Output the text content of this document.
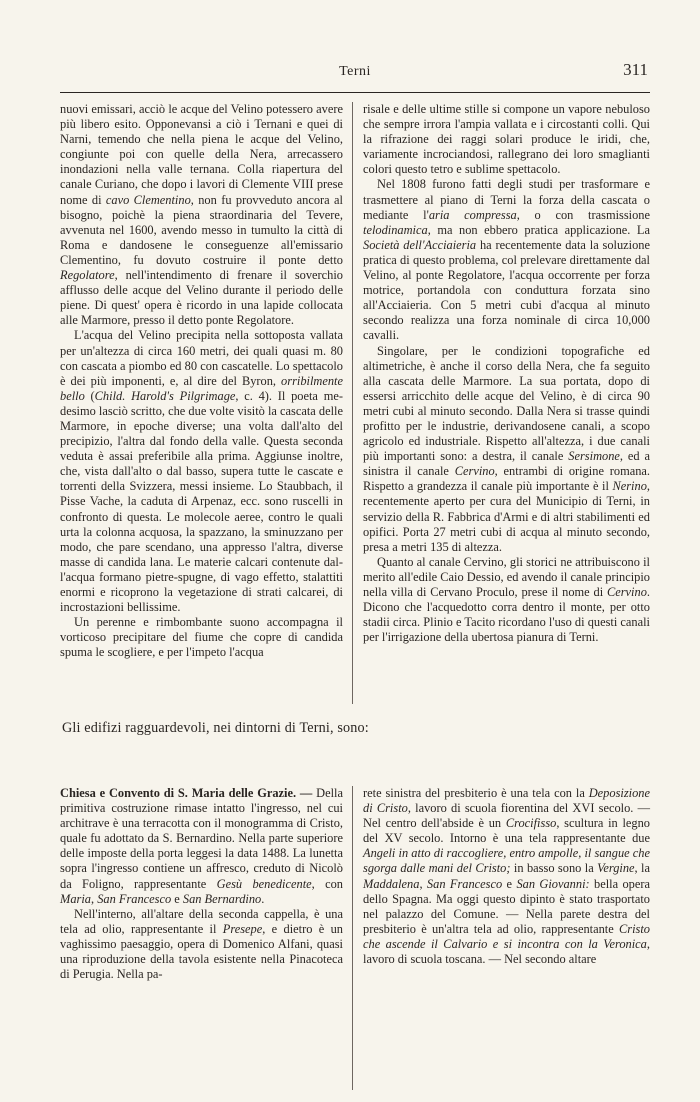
Terni	311

nuovi emissari, acciò le acque del Velino potessero avere più libero esito. Opponevansi a ciò i Ternani e quei di Narni, temendo che nella piena le acque del Velino, congiunte poi con quelle della Nera, arrecassero inondazioni nella valle ternana. Colla riapertura del canale Curiano, che dopo i lavori di Clemente VIII prese nome di cavo Clementino, non fu provveduto ancora al bisogno, poichè la piena straordinaria del Tevere, avvenuta nel 1600, avendo messo in tumulto la città di Roma e dandosene le conseguenze all'emissario Clementino, fu dovuto costruire il ponte detto Regolatore, nell'intendimento di frenare il soverchio afflusso delle acque del Velino durante il periodo delle piene. Di quest' opera è ricordo in una lapide collocata alle Marmore, presso il detto ponte Regolatore.

L'acqua del Velino precipita nella sottoposta vallata per un'altezza di circa 160 metri, dei quali quasi m. 80 con cascata a piombo ed 80 con cascatelle. Lo spettacolo è dei più imponenti, e, al dire del Byron, orribilmente bello (Child. Harold's Pilgrimage, c. 4). Il poeta medesimo lasciò scritto, che due volte visitò la cascata delle Marmore, in epoche diverse; una volta dall'alto del precipizio, l'altra dal fondo della valle. Questa seconda veduta è assai preferibile alla prima. Aggiunse inoltre, che, vista dall'alto o dal basso, supera tutte le cascate e torrenti della Svizzera, messi insieme. Lo Staubbach, il Pisse Vache, la caduta di Arpenaz, ecc. sono ruscelli in confronto di questa. Le molecole aeree, contro le quali urta la colonna acquosa, la spazzano, la sminuzzano per modo, che pare scendano, una appresso l'altra, diverse masse di candida lana. Le materie calcari contenute dall'acqua formano pietre-spugne, di vago effetto, stalattiti enormi e ricoprono la vegetazione di strati calcarei, di incrostazioni bellissime.

Un perenne e rimbombante suono accompagna il vorticoso precipitare del fiume che copre di candida spuma le scogliere, e per l'impeto l'acqua

risale e delle ultime stille si compone un vapore nebuloso che sempre irrora l'ampia vallata e i circostanti colli. Qui la rifrazione dei raggi solari produce le iridi, che, variamente incrociandosi, rallegrano dei loro smaglianti colori questo tetro e sublime spettacolo.

Nel 1808 furono fatti degli studi per trasformare e trasmettere al piano di Terni la forza della cascata o mediante l'aria compressa, o con trasmissione telodinamica, ma non ebbero pratica applicazione. La Società dell'Acciaieria ha recentemente data la soluzione pratica di questo problema, col prelevare direttamente dal Velino, al ponte Regolatore, l'acqua occorrente per forza motrice, portandola con conduttura forzata sino all'Acciaieria. Con 5 metri cubi d'acqua al minuto secondo realizza una forza nominale di circa 10,000 cavalli.

Singolare, per le condizioni topografiche ed altimetriche, è anche il corso della Nera, che fa seguito alla cascata delle Marmore. La sua portata, dopo di essersi arricchito delle acque del Velino, è di circa 90 metri cubi al minuto secondo. Dalla Nera si trasse quindi profitto per le industrie, derivandosene canali, a scopo agricolo ed industriale. Rispetto all'altezza, i due canali più importanti sono: a destra, il canale Sersimone, ed a sinistra il canale Cervino, entrambi di origine romana. Rispetto a grandezza il canale più importante è il Nerino, recentemente aperto per cura del Municipio di Terni, in servizio della R. Fabbrica d'Armi e di altri stabilimenti ed opifici. Porta 27 metri cubi di acqua al minuto secondo, presa a metri 135 di altezza.

Quanto al canale Cervino, gli storici ne attribuiscono il merito all'edile Caio Dessio, ed avendo il canale principio nella villa di Cervano Proculo, prese il nome di Cervino. Dicono che l'acquedotto corra dentro il monte, per otto stadii circa. Plinio e Tacito ricordano l'uso di questi canali per l'irrigazione della ubertosa pianura di Terni.

Gli edifizi ragguardevoli, nei dintorni di Terni, sono:

Chiesa e Convento di S. Maria delle Grazie. — Della primitiva costruzione rimase intatto l'ingresso, nel cui architrave è una terracotta con il monogramma di Cristo, quale fu adottato da S. Bernardino. Nella parte superiore delle imposte della porta leggesi la data 1488. La lunetta sopra l'ingresso contiene un affresco, creduto di Nicolò da Foligno, rappresentante Gesù benedicente, con Maria, San Francesco e San Bernardino.

Nell'interno, all'altare della seconda cappella, è una tela ad olio, rappresentante il Presepe, e dietro è un vaghissimo paesaggio, opera di Domenico Alfani, quasi una riproduzione della tavola esistente nella Pinacoteca di Perugia. Nella pa-

rete sinistra del presbiterio è una tela con la Deposizione di Cristo, lavoro di scuola fiorentina del XVI secolo. — Nel centro dell'abside è un Crocifisso, scultura in legno del XV secolo. Intorno è una tela rappresentante due Angeli in atto di raccogliere, entro ampolle, il sangue che sgorga dalle mani del Cristo; in basso sono la Vergine, la Maddalena, San Francesco e San Giovanni: bella opera dello Spagna. Ma oggi questo dipinto è stato trasportato nel palazzo del Comune. — Nella parete destra del presbiterio è un'altra tela ad olio, rappresentante Cristo che ascende il Calvario e si incontra con la Veronica, lavoro di scuola toscana. — Nel secondo altare
